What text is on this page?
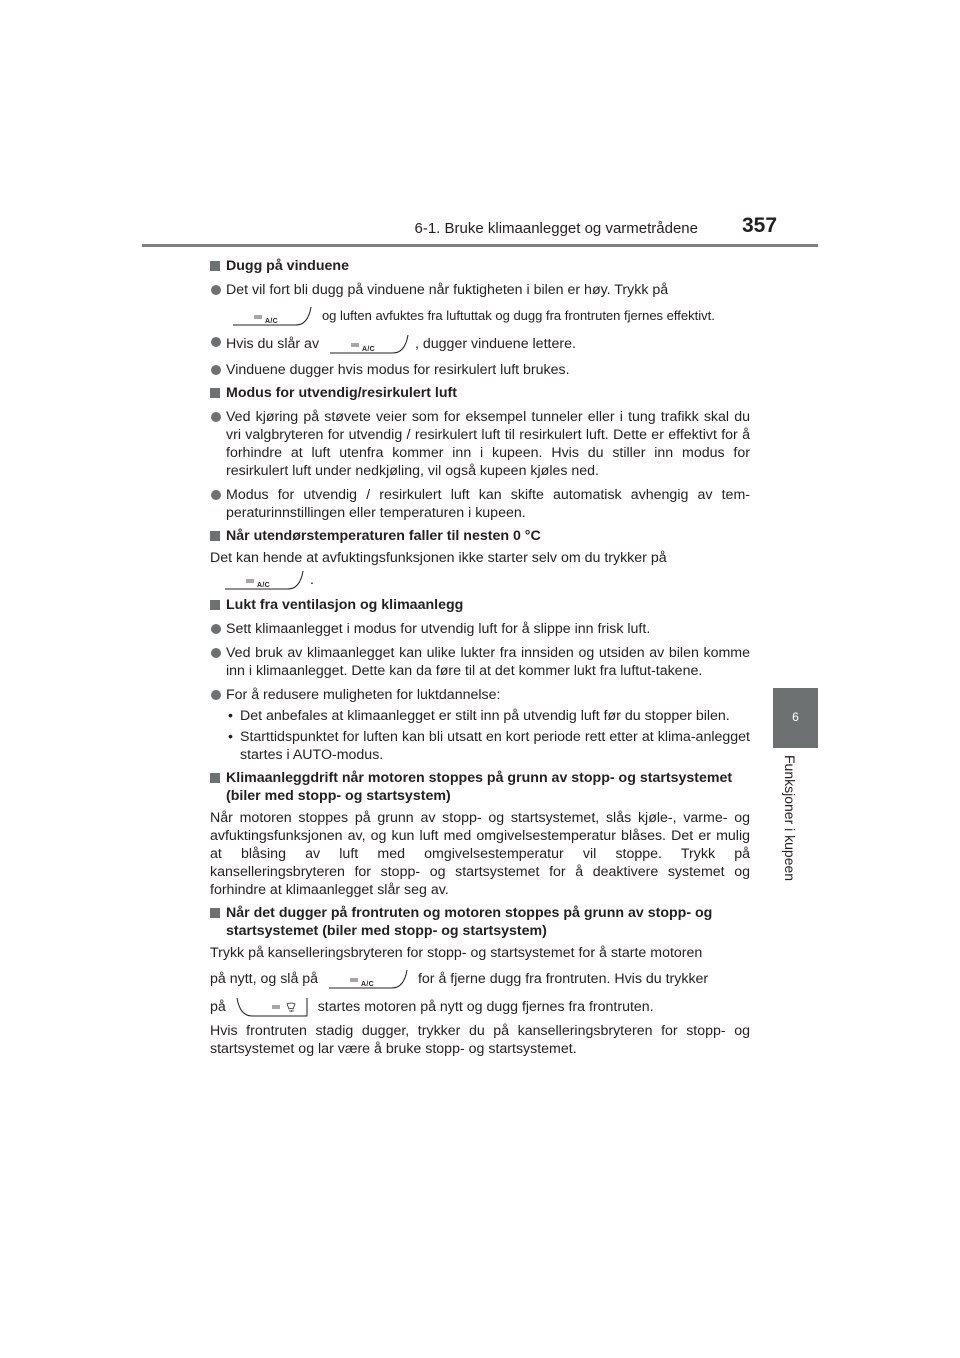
6-1. Bruke klimaanlegget og varmetrådene 357
6
Funksjoner i kupeen
Dugg på vinduene
Det vil fort bli dugg på vinduene når fuktigheten i bilen er høy. Trykk på
A/C	og luften avfuktes fra luftuttak og dugg fra frontruten fjernes effektivt.
Hvis du slår av	A/C	, dugger vinduene lettere.
Vinduene dugger hvis modus for resirkulert luft brukes.
Modus for utvendig/resirkulert luft
Ved kjøring på støvete veier som for eksempel tunneler eller i tung trafikk skal du vri valgbryteren for utvendig / resirkulert luft til resirkulert luft. Dette er effektivt for å forhindre at luft utenfra kommer inn i kupeen. Hvis du stiller inn modus for resirkulert luft under nedkjøling, vil også kupeen kjøles ned.
Modus for utvendig / resirkulert luft kan skifte automatisk avhengig av tem-peraturinnstillingen eller temperaturen i kupeen.
Når utendørstemperaturen faller til nesten 0 °C
Det kan hende at avfuktingsfunksjonen ikke starter selv om du trykker på
A/C	.
Lukt fra ventilasjon og klimaanlegg
Sett klimaanlegget i modus for utvendig luft for å slippe inn frisk luft.
Ved bruk av klimaanlegget kan ulike lukter fra innsiden og utsiden av bilen komme inn i klimaanlegget. Dette kan da føre til at det kommer lukt fra luftut-takene.
For å redusere muligheten for luktdannelse:
• Det anbefales at klimaanlegget er stilt inn på utvendig luft før du stopper bilen.
• Starttidspunktet for luften kan bli utsatt en kort periode rett etter at klima-anlegget startes i AUTO-modus.
Klimaanleggdrift når motoren stoppes på grunn av stopp- og startsystemet (biler med stopp- og startsystem)
Når motoren stoppes på grunn av stopp- og startsystemet, slås kjøle-, varme- og avfuktingsfunksjonen av, og kun luft med omgivelsestemperatur blåses. Det er mulig at blåsing av luft med omgivelsestemperatur vil stoppe. Trykk på kanselleringsbryteren for stopp- og startsystemet for å deaktivere systemet og forhindre at klimaanlegget slår seg av.
Når det dugger på frontruten og motoren stoppes på grunn av stopp- og startsystemet (biler med stopp- og startsystem)
Trykk på kanselleringsbryteren for stopp- og startsystemet for å starte motoren
på nytt, og slå på	A/C	for å fjerne dugg fra frontruten. Hvis du trykker
på	startes motoren på nytt og dugg fjernes fra frontruten.
Hvis frontruten stadig dugger, trykker du på kanselleringsbryteren for stopp- og startsystemet og lar være å bruke stopp- og startsystemet.
